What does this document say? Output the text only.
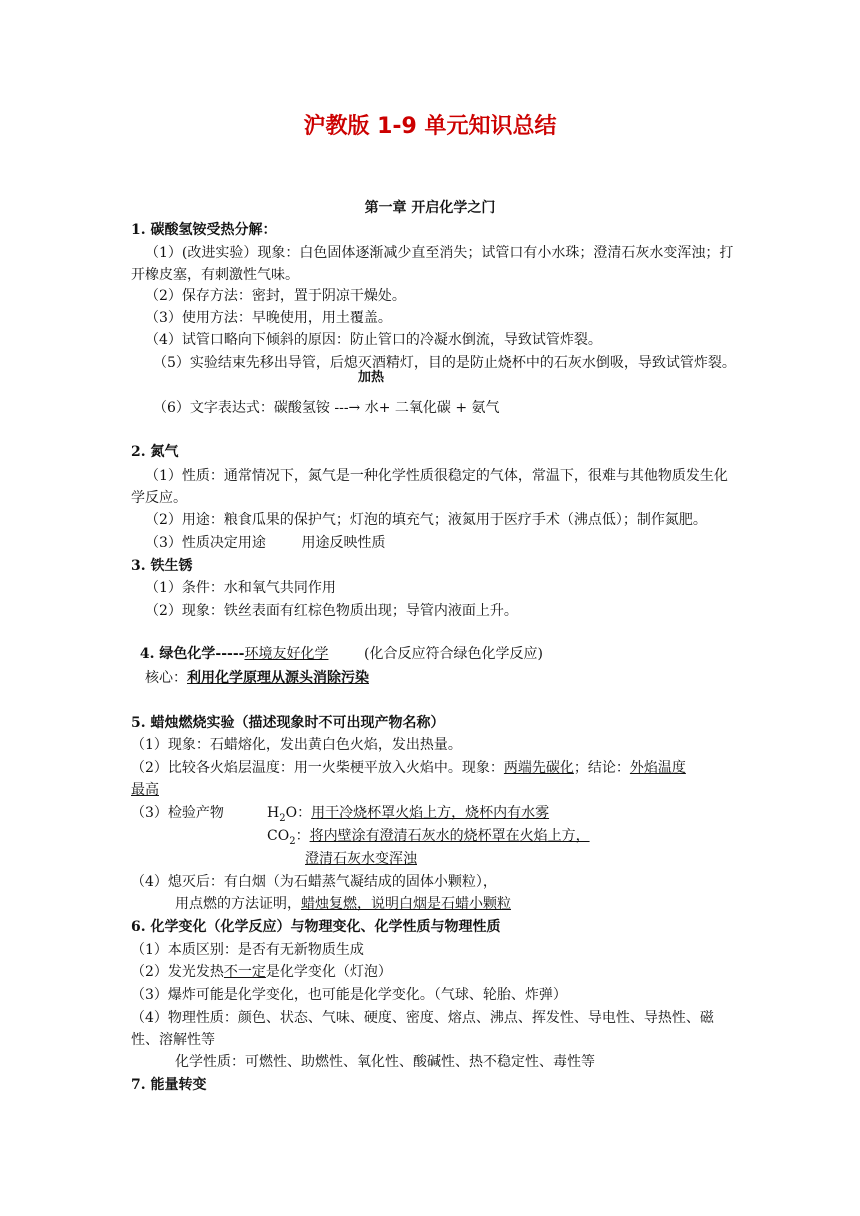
沪教版 1-9 单元知识总结
第一章 开启化学之门
1. 碳酸氢铵受热分解：
（1）(改进实验）现象：白色固体逐渐减少直至消失；试管口有小水珠；澄清石灰水变浑浊；打开橡皮塞，有刺激性气味。
（2）保存方法：密封，置于阴凉干燥处。
（3）使用方法：早晚使用，用土覆盖。
（4）试管口略向下倾斜的原因：防止管口的冷凝水倒流，导致试管炸裂。
（5）实验结束先移出导管，后熄灭酒精灯，目的是防止烧杯中的石灰水倒吸，导致试管炸裂。
加热
（6）文字表达式：碳酸氢铵 ---→ 水+ 二氧化碳 + 氨气
2. 氮气
（1）性质：通常情况下，氮气是一种化学性质很稳定的气体，常温下，很难与其他物质发生化学反应。
（2）用途：粮食瓜果的保护气；灯泡的填充气；液氮用于医疗手术（沸点低）；制作氮肥。
（3）性质决定用途        用途反映性质
3. 铁生锈
（1）条件：水和氧气共同作用
（2）现象：铁丝表面有红棕色物质出现；导管内液面上升。

4. 绿色化学-----环境友好化学        (化合反应符合绿色化学反应)

核心：利用化学原理从源头消除污染
5. 蜡烛燃烧实验（描述现象时不可出现产物名称）
（1）现象：石蜡熔化，发出黄白色火焰，发出热量。
（2）比较各火焰层温度：用一火柴梗平放入火焰中。现象：两端先碳化；结论：外焰温度
最高
（3）检验产物	$H_2O$：用干冷烧杯罩火焰上方，烧杯内有水雾
$CO_2$：将内壁涂有澄清石灰水的烧杯罩在火焰上方，
澄清石灰水变浑浊
（4）熄灭后：有白烟（为石蜡蒸气凝结成的固体小颗粒），
用点燃的方法证明，蜡烛复燃，说明白烟是石蜡小颗粒
6. 化学变化（化学反应）与物理变化、化学性质与物理性质
（1）本质区别：是否有无新物质生成
（2）发光发热不一定是化学变化（灯泡）
（3）爆炸可能是化学变化，也可能是化学变化。（气球、轮胎、炸弹）
（4）物理性质：颜色、状态、气味、硬度、密度、熔点、沸点、挥发性、导电性、导热性、磁性、溶解性等
化学性质：可燃性、助燃性、氧化性、酸碱性、热不稳定性、毒性等
7. 能量转变
